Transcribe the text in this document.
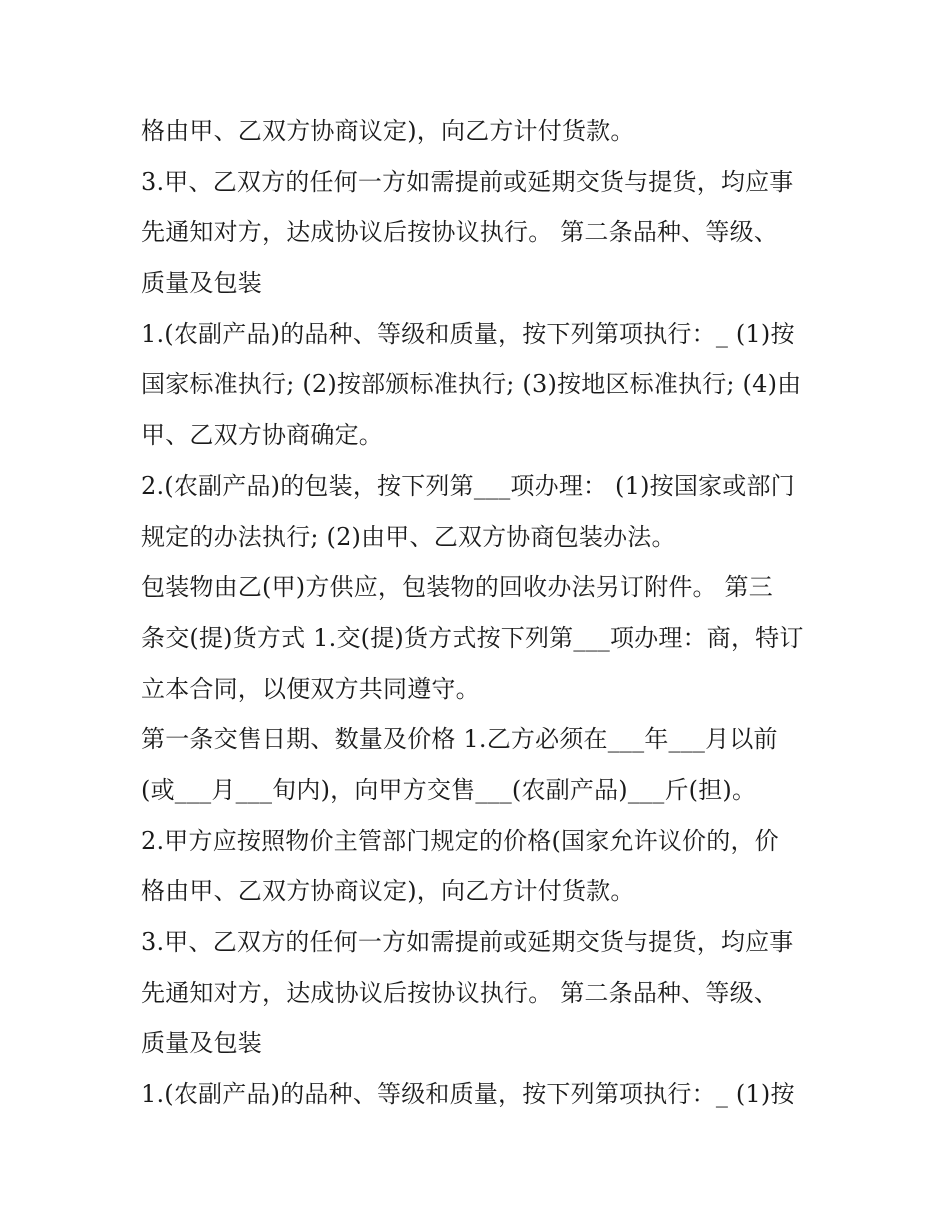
格由甲、乙双方协商议定)，向乙方计付货款。
3.甲、乙双方的任何一方如需提前或延期交货与提货，均应事
先通知对方，达成协议后按协议执行。 第二条品种、等级、
质量及包装
1.(农副产品)的品种、等级和质量，按下列第项执行：_ (1)按
国家标准执行; (2)按部颁标准执行; (3)按地区标准执行; (4)由
甲、乙双方协商确定。
2.(农副产品)的包装，按下列第___项办理： (1)按国家或部门
规定的办法执行; (2)由甲、乙双方协商包装办法。
包装物由乙(甲)方供应，包装物的回收办法另订附件。 第三
条交(提)货方式 1.交(提)货方式按下列第___项办理：商，特订
立本合同，以便双方共同遵守。
第一条交售日期、数量及价格 1.乙方必须在___年___月以前
(或___月___旬内)，向甲方交售___(农副产品)___斤(担)。
2.甲方应按照物价主管部门规定的价格(国家允许议价的，价
格由甲、乙双方协商议定)，向乙方计付货款。
3.甲、乙双方的任何一方如需提前或延期交货与提货，均应事
先通知对方，达成协议后按协议执行。 第二条品种、等级、
质量及包装
1.(农副产品)的品种、等级和质量，按下列第项执行：_ (1)按
